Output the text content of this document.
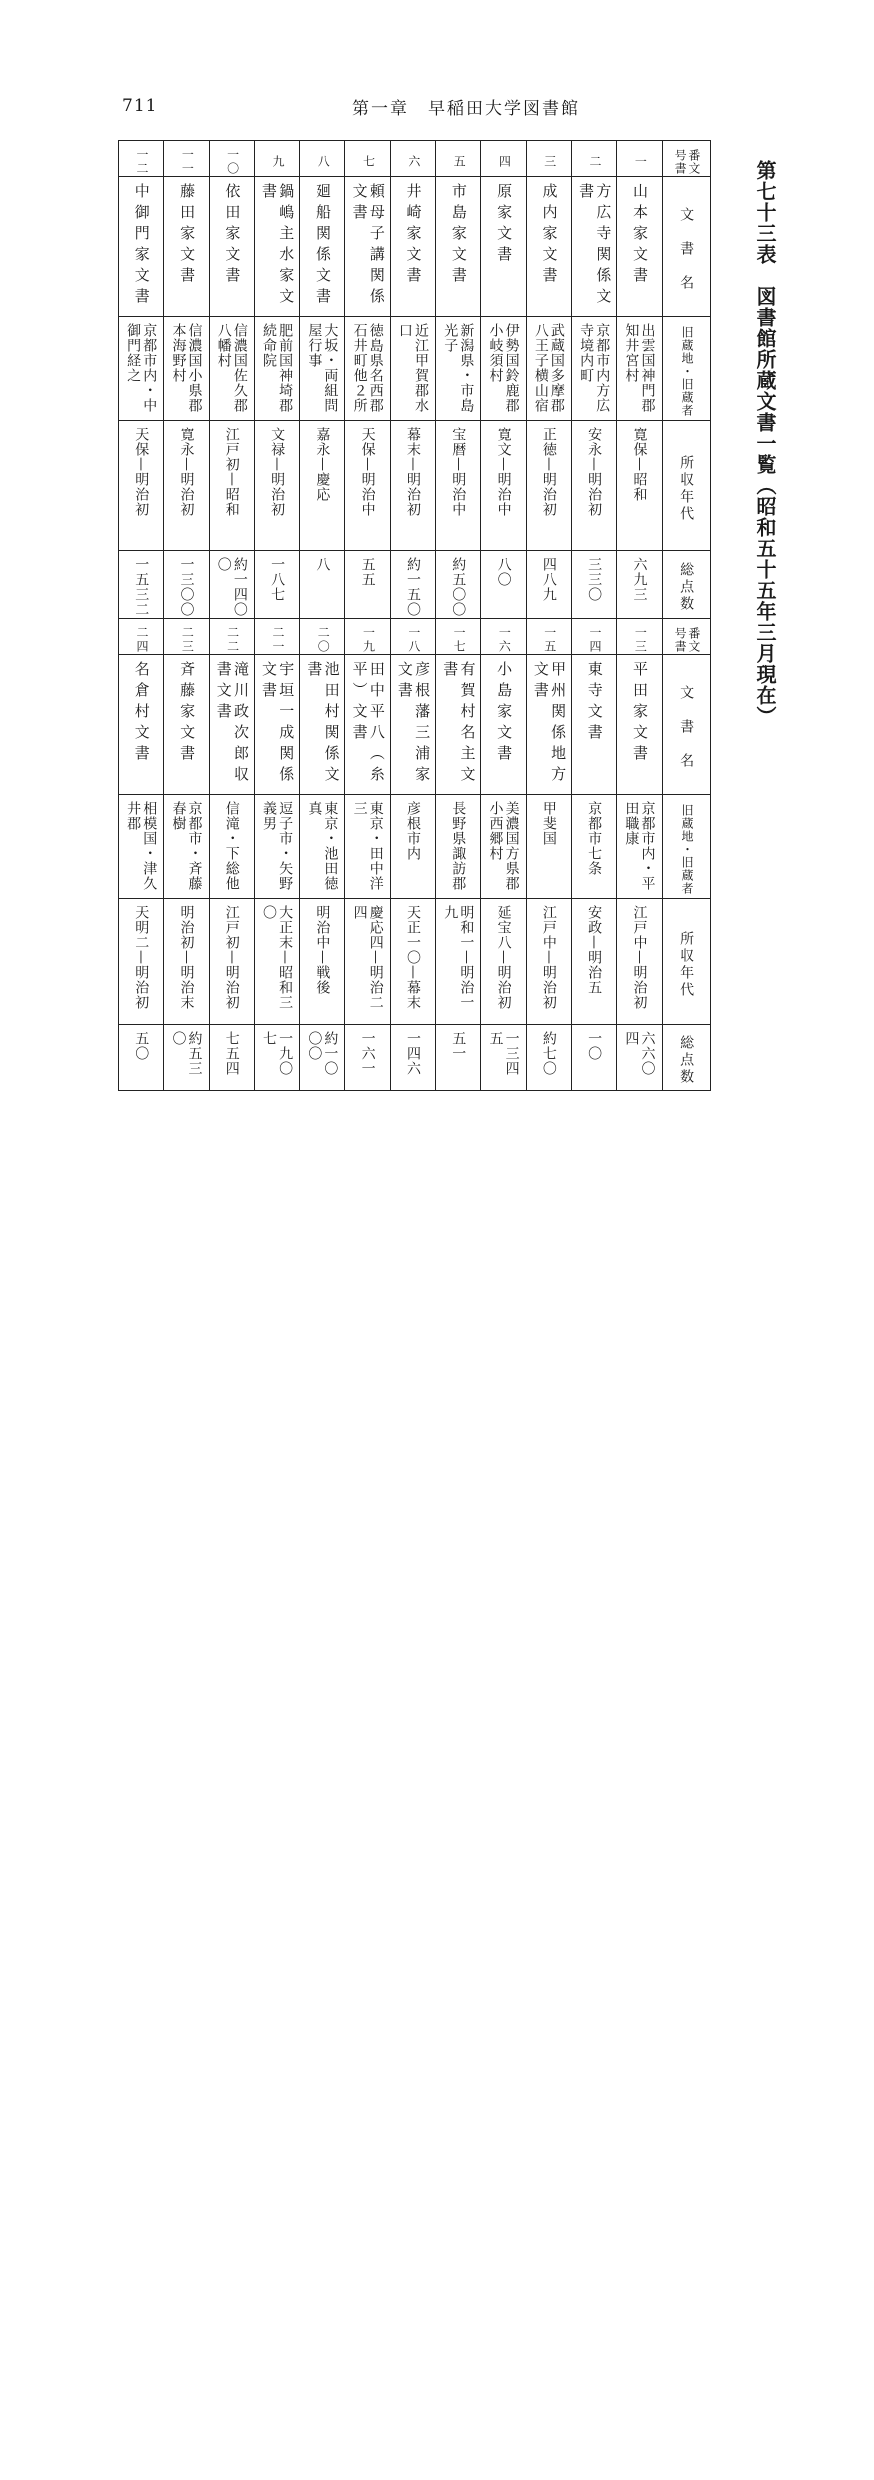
711	第一章　早稲田大学図書館
第七十三表　図書館所蔵文書一覧（昭和五十五年三月現在）
一二	一一	一〇	九	八	七	六	五	四	三	二	一	番文号書

中御門家文書	藤田家文書	依田家文書	鍋嶋主水家文書	廻船関係文書	頼母子講関係文書	井崎家文書	市島家文書	原家文書	成内家文書	方広寺関係文書	山本家文書	文　書　名

京都市内・中御門経之	信濃国小県郡本海野村	信濃国佐久郡八幡村	肥前国神埼郡続命院	大坂・両組問屋行事	徳島県名西郡石井町他２所	近江甲賀郡水口	新潟県・市島光子	伊勢国鈴鹿郡小岐須村	武蔵国多摩郡八王子横山宿	京都市内方広寺境内町	出雲国神門郡知井宮村	旧蔵地・旧蔵者

天保—明治初	寛永—明治初	江戸初—昭和	文禄—明治初	嘉永—慶応	天保—明治中	幕末—明治初	宝暦—明治中	寛文—明治中	正徳—明治初	安永—明治初	寛保—昭和	所収年代

一五三二	一三〇〇	約一四〇〇	一八七	八	五五	約一五〇	約五〇〇	八〇	四八九	三三〇	六九三	総点数
二四	二三	二二	二一	二〇	一九	一八	一七	一六	一五	一四	一三	番文号書

名倉村文書	斉藤家文書	滝川政次郎収書文書	宇垣一成関係文書	池田村関係文書	田中平八（糸平）文書	彦根藩三浦家文書	有賀村名主文書	小島家文書	甲州関係地方文書	東寺文書	平田家文書	文　書　名

相模国・津久井郡	京都市・斉藤春樹	信滝・下総他	逗子市・矢野義男	東京・池田徳真	東京・田中洋三	彦根市内	長野県諏訪郡	美濃国方県郡小西郷村	甲斐国	京都市七条	京都市内・平田職康	旧蔵地・旧蔵者

天明二—明治初	明治初—明治末	江戸初—明治初	大正末—昭和三〇	明治中—戦後	慶応四—明治二四	天正一〇—幕末	明和一—明治一九	延宝八—明治初	江戸中—明治初	安政—明治五	江戸中—明治初	所収年代

五〇	約五三〇	七五四	一九〇七	約一〇〇〇	一六一	一四六	五一	一三四五	約七〇	一〇	六六〇四	総点数
